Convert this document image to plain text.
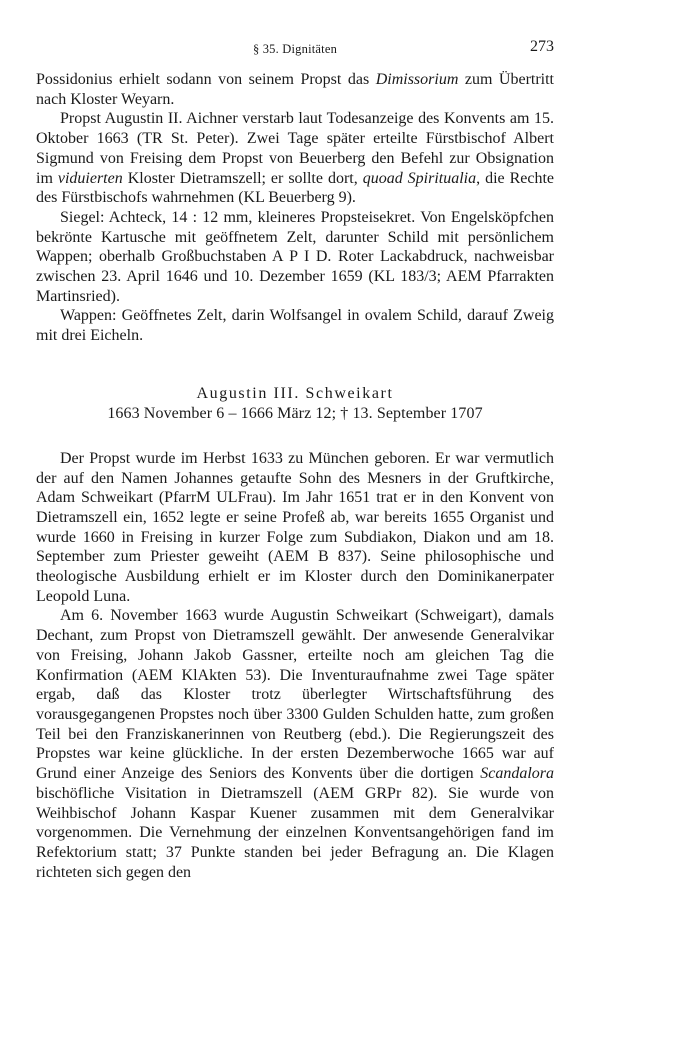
§ 35. Dignitäten	273

Possidonius erhielt sodann von seinem Propst das Dimissorium zum Übertritt nach Kloster Weyarn.

Propst Augustin II. Aichner verstarb laut Todesanzeige des Konvents am 15. Oktober 1663 (TR St. Peter). Zwei Tage später erteilte Fürstbischof Albert Sigmund von Freising dem Propst von Beuerberg den Befehl zur Obsignation im viduierten Kloster Dietramszell; er sollte dort, quoad Spiritualia, die Rechte des Fürstbischofs wahrnehmen (KL Beuerberg 9).

Siegel: Achteck, 14 : 12 mm, kleineres Propsteisekret. Von Engelsköpfchen bekrönte Kartusche mit geöffnetem Zelt, darunter Schild mit persönlichem Wappen; oberhalb Großbuchstaben A P I D. Roter Lackabdruck, nachweisbar zwischen 23. April 1646 und 10. Dezember 1659 (KL 183/3; AEM Pfarrakten Martinsried).

Wappen: Geöffnetes Zelt, darin Wolfsangel in ovalem Schild, darauf Zweig mit drei Eicheln.

Augustin III. Schweikart
1663 November 6 – 1666 März 12; † 13. September 1707

Der Propst wurde im Herbst 1633 zu München geboren. Er war vermutlich der auf den Namen Johannes getaufte Sohn des Mesners in der Gruftkirche, Adam Schweikart (PfarrM ULFrau). Im Jahr 1651 trat er in den Konvent von Dietramszell ein, 1652 legte er seine Profeß ab, war bereits 1655 Organist und wurde 1660 in Freising in kurzer Folge zum Subdiakon, Diakon und am 18. September zum Priester geweiht (AEM B 837). Seine philosophische und theologische Ausbildung erhielt er im Kloster durch den Dominikanerpater Leopold Luna.

Am 6. November 1663 wurde Augustin Schweikart (Schweigart), damals Dechant, zum Propst von Dietramszell gewählt. Der anwesende Generalvikar von Freising, Johann Jakob Gassner, erteilte noch am gleichen Tag die Konfirmation (AEM KlAkten 53). Die Inventuraufnahme zwei Tage später ergab, daß das Kloster trotz überlegter Wirtschaftsführung des vorausgegangenen Propstes noch über 3300 Gulden Schulden hatte, zum großen Teil bei den Franziskanerinnen von Reutberg (ebd.). Die Regierungszeit des Propstes war keine glückliche. In der ersten Dezemberwoche 1665 war auf Grund einer Anzeige des Seniors des Konvents über die dortigen Scandalora bischöfliche Visitation in Dietramszell (AEM GRPr 82). Sie wurde von Weihbischof Johann Kaspar Kuener zusammen mit dem Generalvikar vorgenommen. Die Vernehmung der einzelnen Konventsangehörigen fand im Refektorium statt; 37 Punkte standen bei jeder Befragung an. Die Klagen richteten sich gegen den
